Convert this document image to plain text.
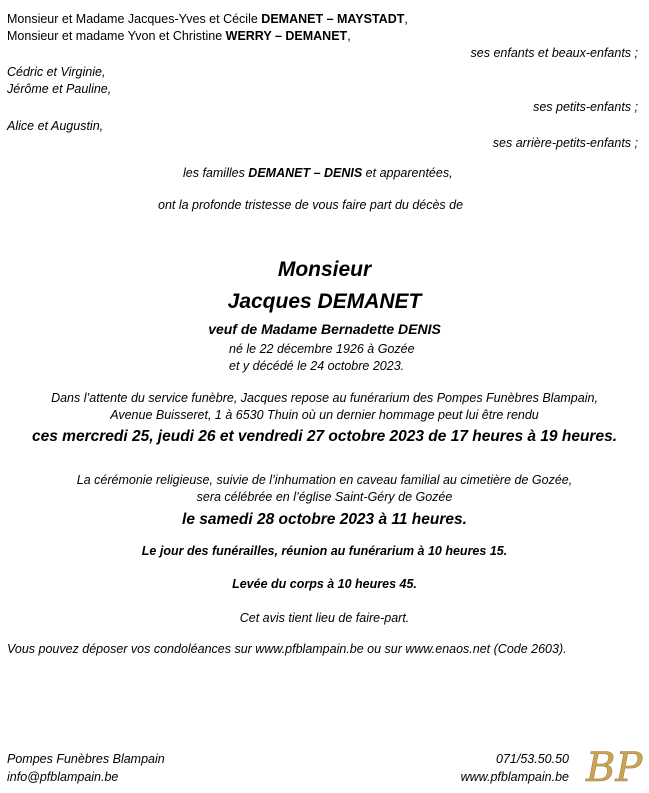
Monsieur et Madame Jacques-Yves et Cécile DEMANET – MAYSTADT,
Monsieur et madame Yvon et Christine WERRY – DEMANET,
ses enfants et beaux-enfants ;
Cédric et Virginie,
Jérôme et Pauline,
ses petits-enfants ;
Alice et Augustin,
ses arrière-petits-enfants ;
les familles DEMANET – DENIS et apparentées,
ont la profonde tristesse de vous faire part du décès de
Monsieur
Jacques DEMANET
veuf de Madame Bernadette DENIS
né le 22 décembre 1926 à Gozée
et y décédé le 24 octobre 2023.
Dans l’attente du service funèbre, Jacques repose au funérarium des Pompes Funèbres Blampain,
Avenue Buisseret, 1 à 6530 Thuin où un dernier hommage peut lui être rendu
ces mercredi 25, jeudi 26 et vendredi 27 octobre 2023 de 17 heures à 19 heures.
La cérémonie religieuse, suivie de l’inhumation en caveau familial au cimetière de Gozée,
sera célébrée en l’église Saint-Géry de Gozée
le samedi 28 octobre 2023 à 11 heures.
Le jour des funérailles, réunion au funérarium à 10 heures 15.
Levée du corps à 10 heures 45.
Cet avis tient lieu de faire-part.
Vous pouvez déposer vos condoléances sur www.pfblampain.be ou sur www.enaos.net (Code 2603).
Pompes Funèbres Blampain
info@pfblampain.be
071/53.50.50
www.pfblampain.be BP
